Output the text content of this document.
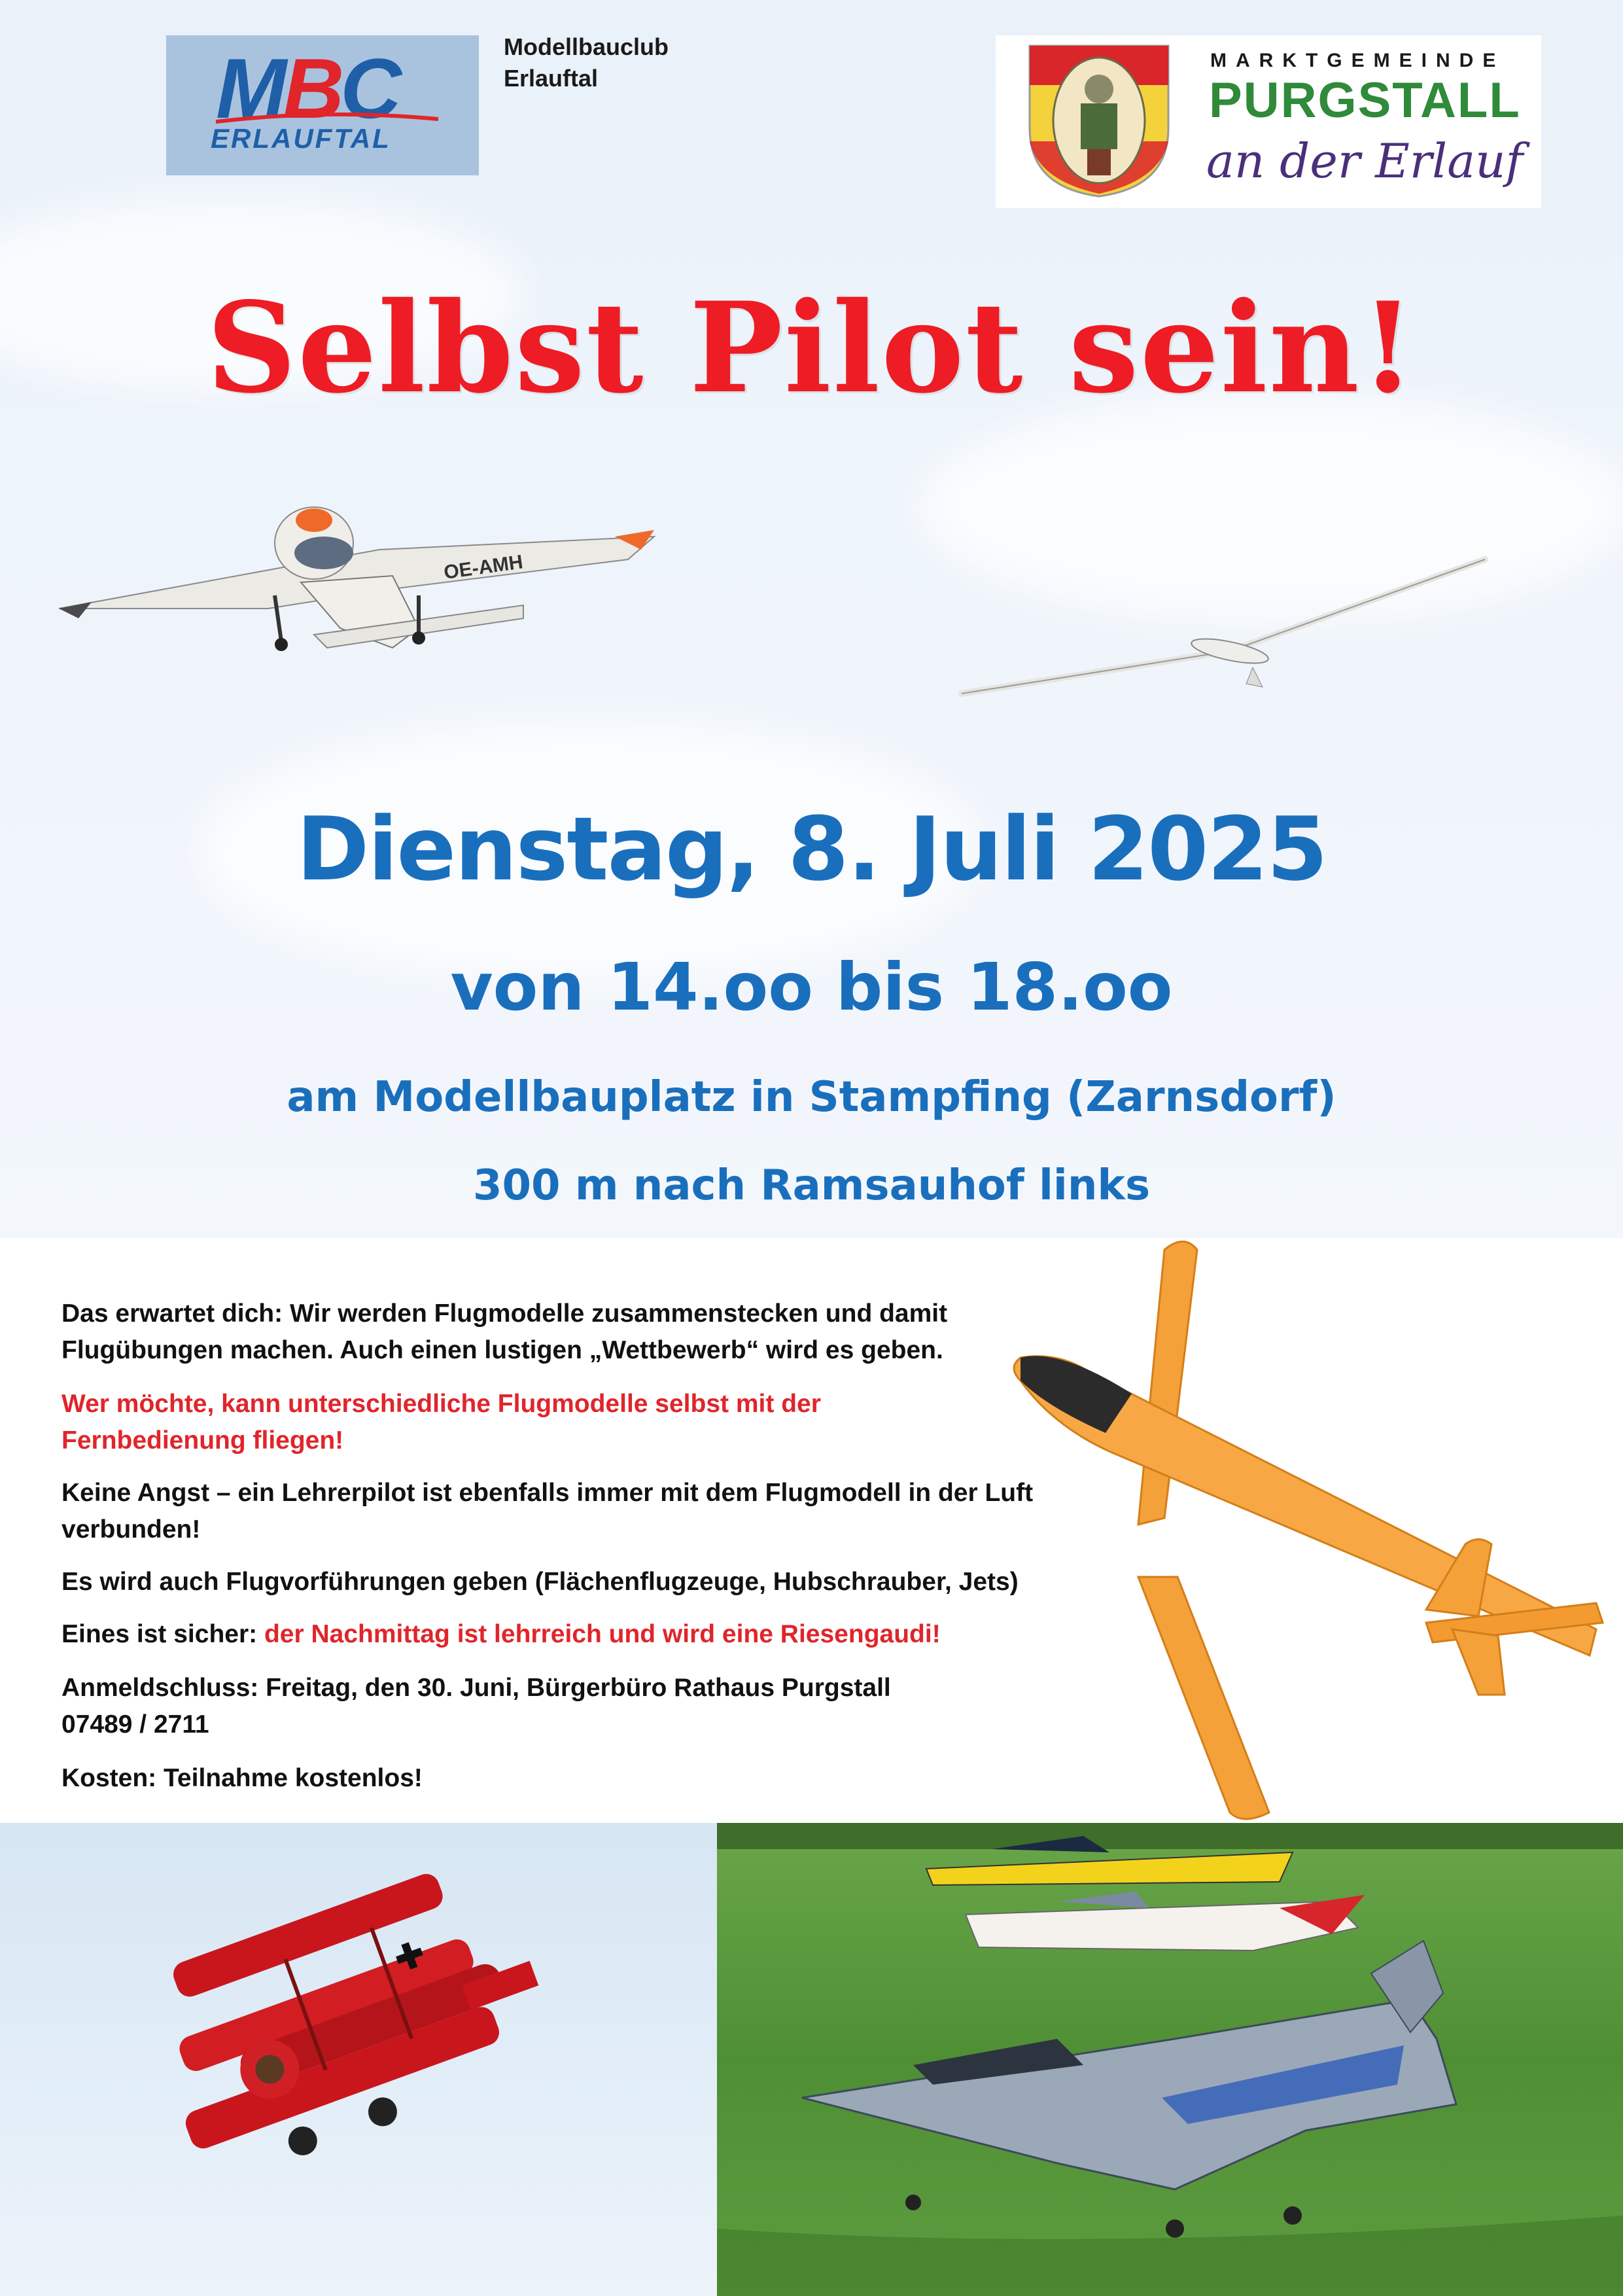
OE-AMH
MBC
ERLAUFTAL
Modellbauclub
Erlauftal
MARKTGEMEINDE
PURGSTALL
an der Erlauf
Selbst Pilot sein!
Dienstag, 8. Juli 2025
von 14.oo bis 18.oo
am Modellbauplatz in Stampfing (Zarnsdorf)
300 m nach Ramsauhof links
Das erwartet dich: Wir werden Flugmodelle zusammenstecken und damit Flugübungen machen. Auch einen lustigen „Wettbewerb“ wird es geben.
Wer möchte, kann unterschiedliche Flugmodelle selbst mit der Fernbedienung fliegen!
Keine Angst – ein Lehrerpilot ist ebenfalls immer mit dem Flugmodell in der Luft verbunden!
Es wird auch Flugvorführungen geben (Flächenflugzeuge, Hubschrauber, Jets)
Eines ist sicher: der Nachmittag ist lehrreich und wird eine Riesengaudi!
Anmeldschluss: Freitag, den 30. Juni, Bürgerbüro Rathaus Purgstall
07489 / 2711
Kosten: Teilnahme kostenlos!
